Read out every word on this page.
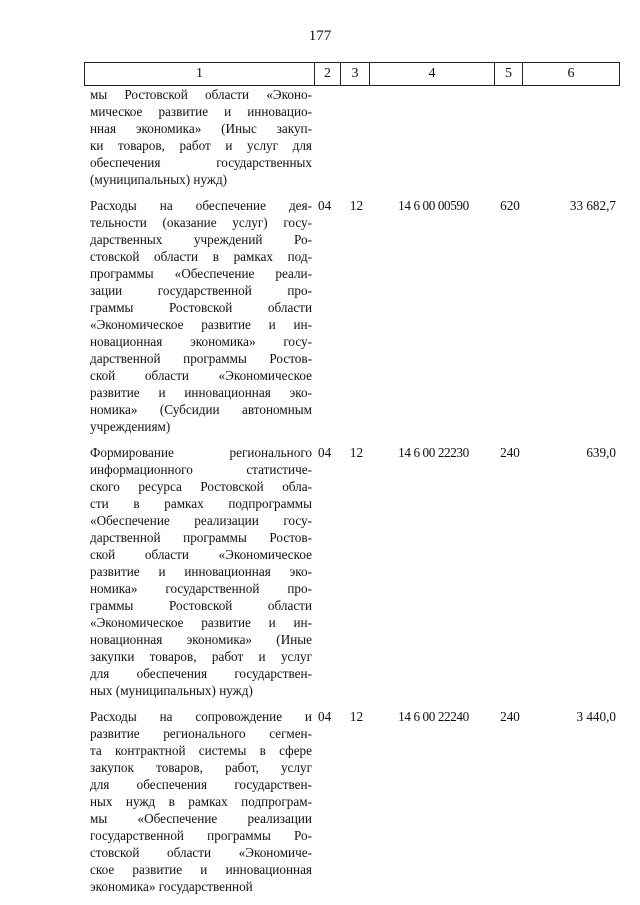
177
1	2	3	4	5	6
мы Ростовской области «Эконо-
мическое развитие и инновацио-
нная экономика» (Иныс закуп-
ки товаров, работ и услуг для
обеспечения государственных
(муниципальных) нужд)
Расходы на обеспечение дея-
тельности (оказание услуг) госу-
дарственных учреждений Ро-
стовской области в рамках под-
программы «Обеспечение реали-
зации государственной про-
граммы Ростовской области
«Экономическое развитие и ин-
новационная экономика» госу-
дарственной программы Ростов-
ской области «Экономическое
развитие и инновационная эко-
номика» (Субсидии автономным
учреждениям)
04	12	14 6 00 00590	620	33 682,7
Формирование регионального
информационного статистиче-
ского ресурса Ростовской обла-
сти в рамках подпрограммы
«Обеспечение реализации госу-
дарственной программы Ростов-
ской области «Экономическое
развитие и инновационная эко-
номика» государственной про-
граммы Ростовской области
«Экономическое развитие и ин-
новационная экономика» (Иные
закупки товаров, работ и услуг
для обеспечения государствен-
ных (муниципальных) нужд)
04	12	14 6 00 22230	240	639,0
Расходы на сопровождение и
развитие регионального сегмен-
та контрактной системы в сфере
закупок товаров, работ, услуг
для обеспечения государствен-
ных нужд в рамках подпрограм-
мы «Обеспечение реализации
государственной программы Ро-
стовской области «Экономиче-
ское развитие и инновационная
экономика» государственной
04	12	14 6 00 22240	240	3 440,0
